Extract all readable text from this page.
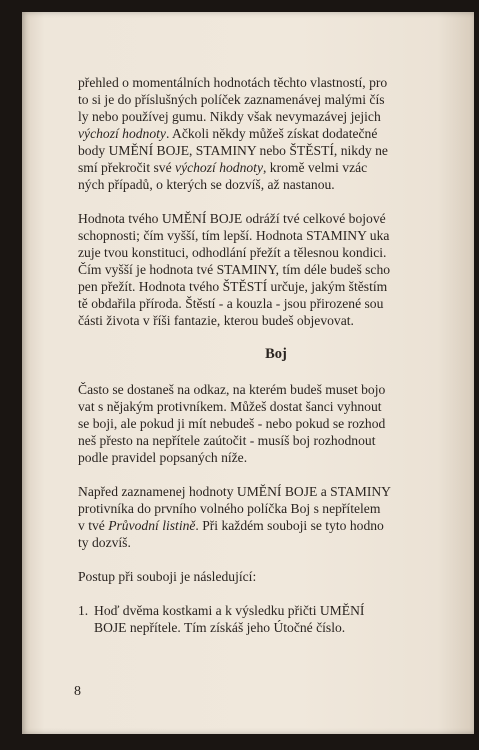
přehled o momentálních hodnotách těchto vlastností, pro
to si je do příslušných políček zaznamenávej malými čís
ly nebo používej gumu. Nikdy však nevymazávej jejich
výchozí hodnoty. Ačkoli někdy můžeš získat dodatečné
body UMĚNÍ BOJE, STAMINY nebo ŠTĚSTÍ, nikdy ne
smí překročit své výchozí hodnoty, kromě velmi vzác
ných případů, o kterých se dozvíš, až nastanou.

Hodnota tvého UMĚNÍ BOJE odráží tvé celkové bojové
schopnosti; čím vyšší, tím lepší. Hodnota STAMINY uka
zuje tvou konstituci, odhodlání přežít a tělesnou kondici.
Čím vyšší je hodnota tvé STAMINY, tím déle budeš scho
pen přežít. Hodnota tvého ŠTĚSTÍ určuje, jakým štěstím
tě obdařila příroda. Štěstí - a kouzla - jsou přirozené sou
části života v říši fantazie, kterou budeš objevovat.

Boj

Často se dostaneš na odkaz, na kterém budeš muset bojo
vat s nějakým protivníkem. Můžeš dostat šanci vyhnout
se boji, ale pokud ji mít nebudeš - nebo pokud se rozhod
neš přesto na nepřítele zaútočit - musíš boj rozhodnout
podle pravidel popsaných níže.

Napřed zaznamenej hodnoty UMĚNÍ BOJE a STAMINY
protivníka do prvního volného políčka Boj s nepřítelem
v tvé Průvodní listině. Při každém souboji se tyto hodno
ty dozvíš.

Postup při souboji je následující:

1. Hoď dvěma kostkami a k výsledku přičti UMĚNÍ
BOJE nepřítele. Tím získáš jeho Útočné číslo.
8
